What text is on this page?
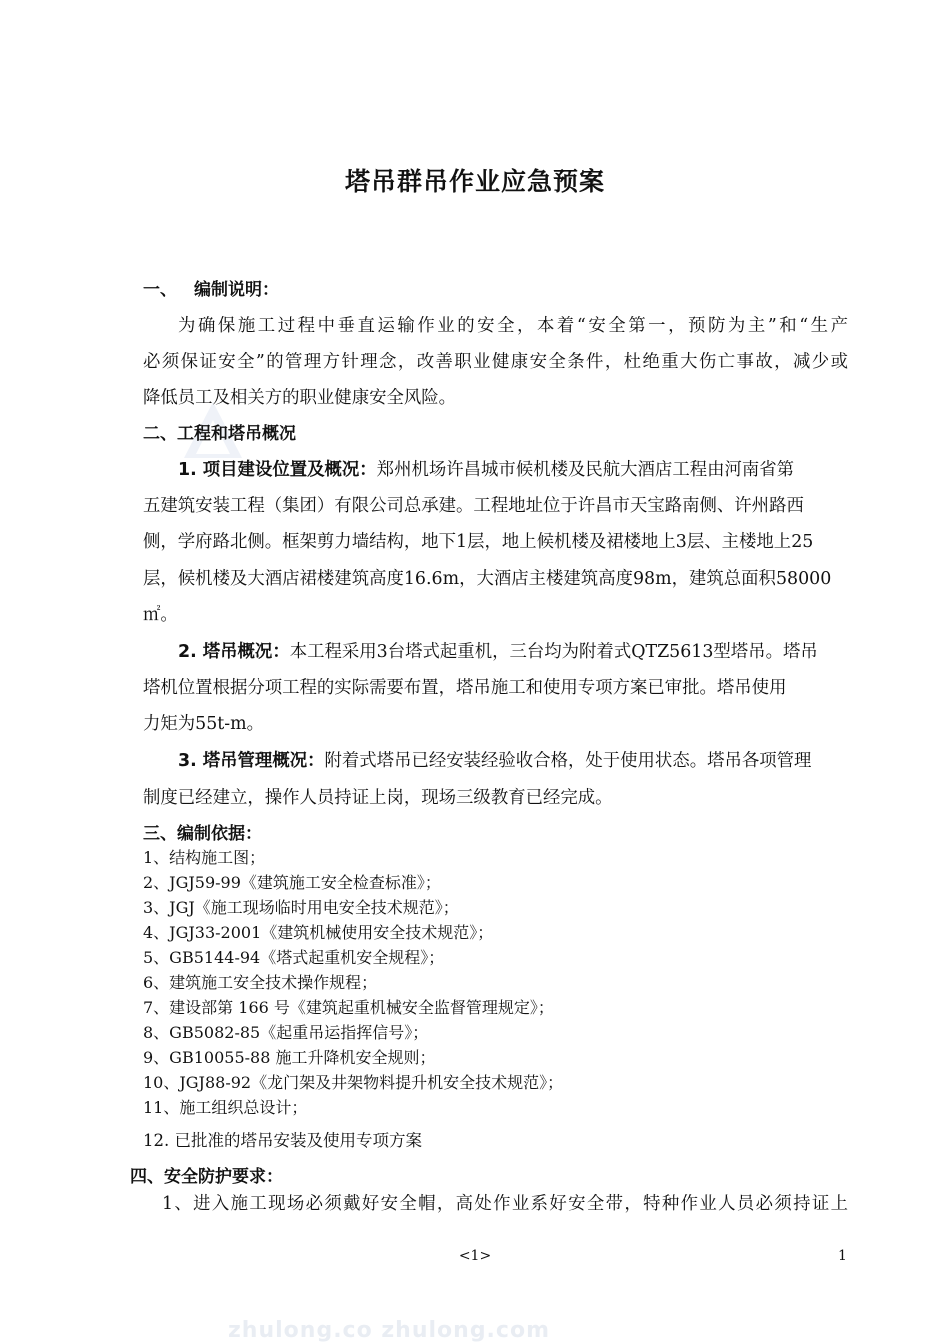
塔吊群吊作业应急预案
一、 编制说明：
为确保施工过程中垂直运输作业的安全，本着“安全第一，预防为主”和“生产
必须保证安全”的管理方针理念，改善职业健康安全条件，杜绝重大伤亡事故，减少或
降低员工及相关方的职业健康安全风险。
二、工程和塔吊概况
1. 项目建设位置及概况：郑州机场许昌城市候机楼及民航大酒店工程由河南省第
五建筑安装工程（集团）有限公司总承建。工程地址位于许昌市天宝路南侧、许州路西
侧，学府路北侧。框架剪力墙结构，地下1层，地上候机楼及裙楼地上3层、主楼地上25
层，候机楼及大酒店裙楼建筑高度16.6m，大酒店主楼建筑高度98m，建筑总面积58000
㎡。
2. 塔吊概况：本工程采用3台塔式起重机，三台均为附着式QTZ5613型塔吊。塔吊
塔机位置根据分项工程的实际需要布置，塔吊施工和使用专项方案已审批。塔吊使用
力矩为55t-m。
3. 塔吊管理概况：附着式塔吊已经安装经验收合格，处于使用状态。塔吊各项管理
制度已经建立，操作人员持证上岗，现场三级教育已经完成。
三、编制依据：
1、结构施工图；
2、JGJ59-99《建筑施工安全检查标准》；
3、JGJ《施工现场临时用电安全技术规范》；
4、JGJ33-2001《建筑机械使用安全技术规范》；
5、GB5144-94《塔式起重机安全规程》；
6、建筑施工安全技术操作规程；
7、建设部第 166 号《建筑起重机械安全监督管理规定》；
8、GB5082-85《起重吊运指挥信号》；
9、GB10055-88 施工升降机安全规则；
10、JGJ88-92《龙门架及井架物料提升机安全技术规范》；
11、施工组织总设计；
12. 已批准的塔吊安装及使用专项方案
四、安全防护要求：
1、进入施工现场必须戴好安全帽，高处作业系好安全带，特种作业人员必须持证上
<1>	1
zhulong.co zhulong.com
